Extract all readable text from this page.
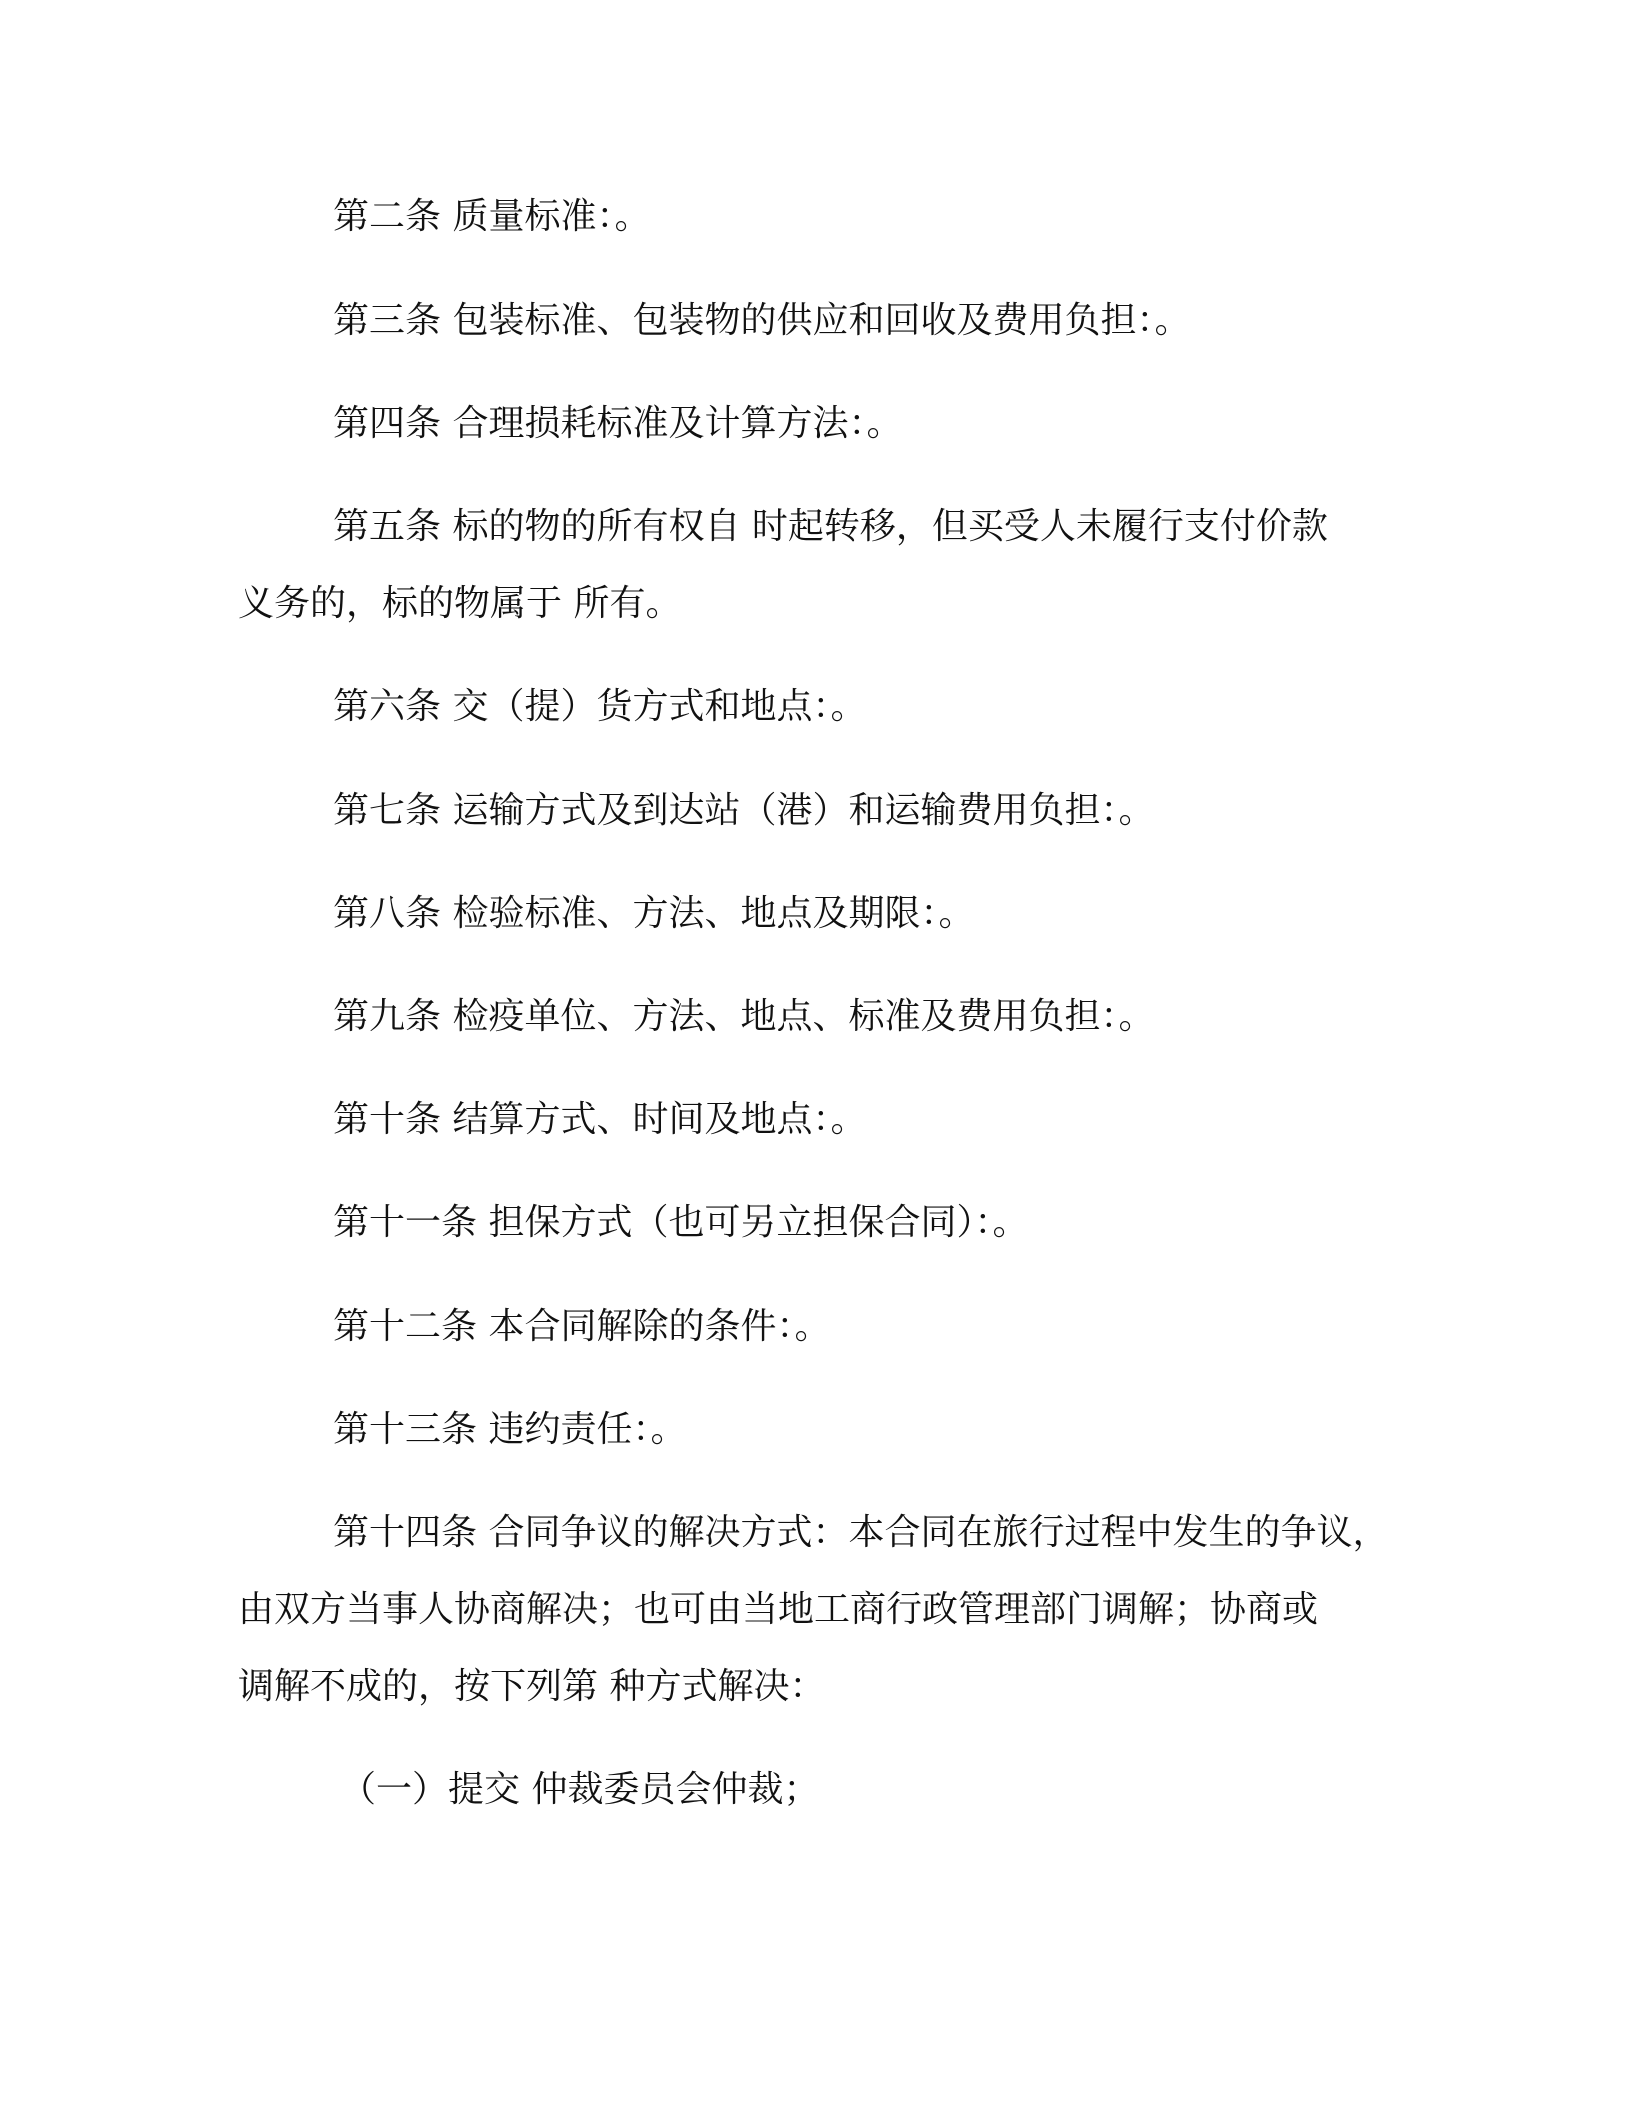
第二条 质量标准：。
第三条 包装标准、包装物的供应和回收及费用负担：。
第四条 合理损耗标准及计算方法：。
第五条 标的物的所有权自 时起转移，但买受人未履行支付价款
义务的，标的物属于 所有。
第六条 交（提）货方式和地点：。
第七条 运输方式及到达站（港）和运输费用负担：。
第八条 检验标准、方法、地点及期限：。
第九条 检疫单位、方法、地点、标准及费用负担：。
第十条 结算方式、时间及地点：。
第十一条 担保方式（也可另立担保合同）：。
第十二条 本合同解除的条件：。
第十三条 违约责任：。
第十四条 合同争议的解决方式：本合同在旅行过程中发生的争议，
由双方当事人协商解决；也可由当地工商行政管理部门调解；协商或
调解不成的，按下列第 种方式解决：
（一）提交 仲裁委员会仲裁；
